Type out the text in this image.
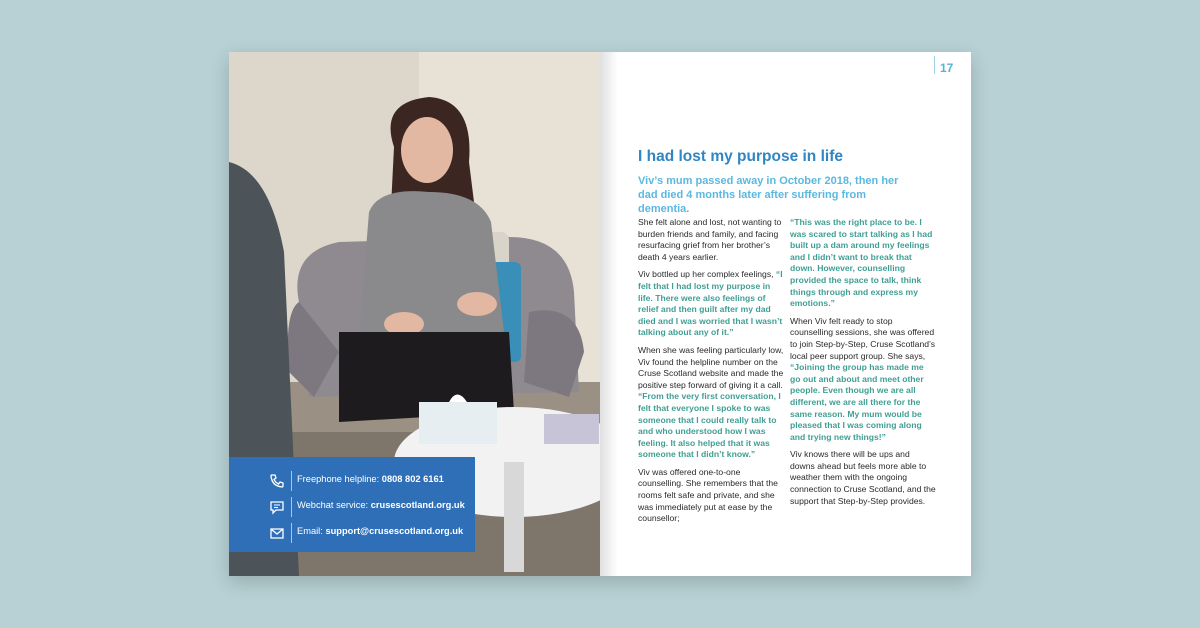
Freephone helpline: 0808 802 6161
Webchat service: crusescotland.org.uk
Email: support@crusescotland.org.uk
17
I had lost my purpose in life
Viv’s mum passed away in October 2018, then her dad died 4 months later after suffering from dementia.

She felt alone and lost, not wanting to burden friends and family, and facing resurfacing grief from her brother’s death 4 years earlier.

Viv bottled up her complex feelings, “I felt that I had lost my purpose in life. There were also feelings of relief and then guilt after my dad died and I was worried that I wasn’t talking about any of it.”

When she was feeling particularly low, Viv found the helpline number on the Cruse Scotland website and made the positive step forward of giving it a call. “From the very first conversation, I felt that everyone I spoke to was someone that I could really talk to and who understood how I was feeling. It also helped that it was someone that I didn’t know.”

Viv was offered one-to-one counselling. She remembers that the rooms felt safe and private, and she was immediately put at ease by the counsellor;

“This was the right place to be. I was scared to start talking as I had built up a dam around my feelings and I didn’t want to break that down. However, counselling provided the space to talk, think things through and express my emotions.”

When Viv felt ready to stop counselling sessions, she was offered to join Step-by-Step, Cruse Scotland’s local peer support group. She says, “Joining the group has made me go out and about and meet other people. Even though we are all different, we are all there for the same reason. My mum would be pleased that I was coming along and trying new things!”

Viv knows there will be ups and downs ahead but feels more able to weather them with the ongoing connection to Cruse Scotland, and the support that Step-by-Step provides.
